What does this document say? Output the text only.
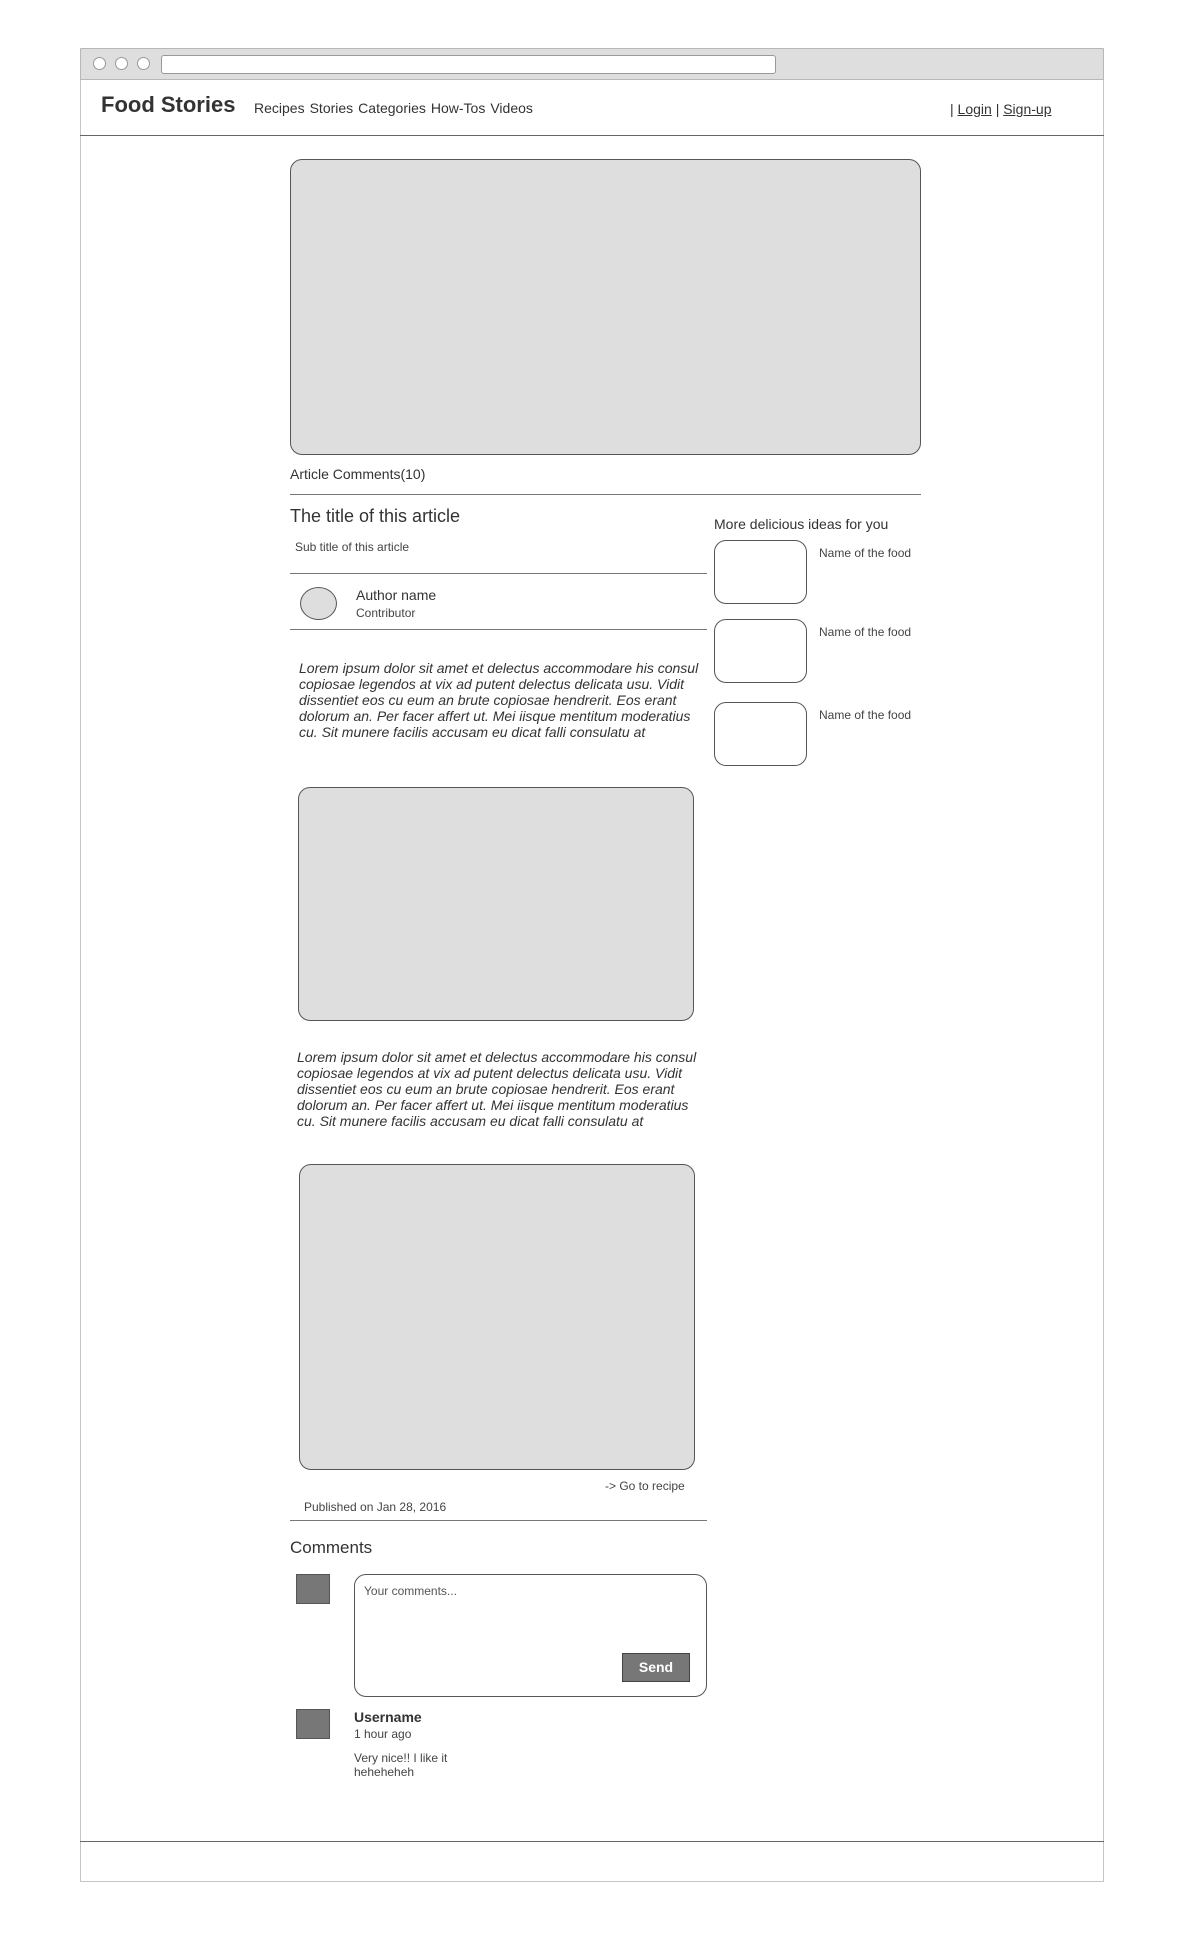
Food Stories Recipes Stories Categories How-Tos Videos	| Login | Sign-up
Article Comments(10)
The title of this article
Sub title of this article
Author name
Contributor
Lorem ipsum dolor sit amet et delectus accommodare his consul copiosae legendos at vix ad putent delectus delicata usu. Vidit dissentiet eos cu eum an brute copiosae hendrerit. Eos erant dolorum an. Per facer affert ut. Mei iisque mentitum moderatius cu. Sit munere facilis accusam eu dicat falli consulatu at
Lorem ipsum dolor sit amet et delectus accommodare his consul copiosae legendos at vix ad putent delectus delicata usu. Vidit dissentiet eos cu eum an brute copiosae hendrerit. Eos erant dolorum an. Per facer affert ut. Mei iisque mentitum moderatius cu. Sit munere facilis accusam eu dicat falli consulatu at
-> Go to recipe
Published on Jan 28, 2016
More delicious ideas for you
Name of the food
Name of the food
Name of the food
Comments
Your comments...
Send
Username
1 hour ago
Very nice!! I like it
heheheheh
